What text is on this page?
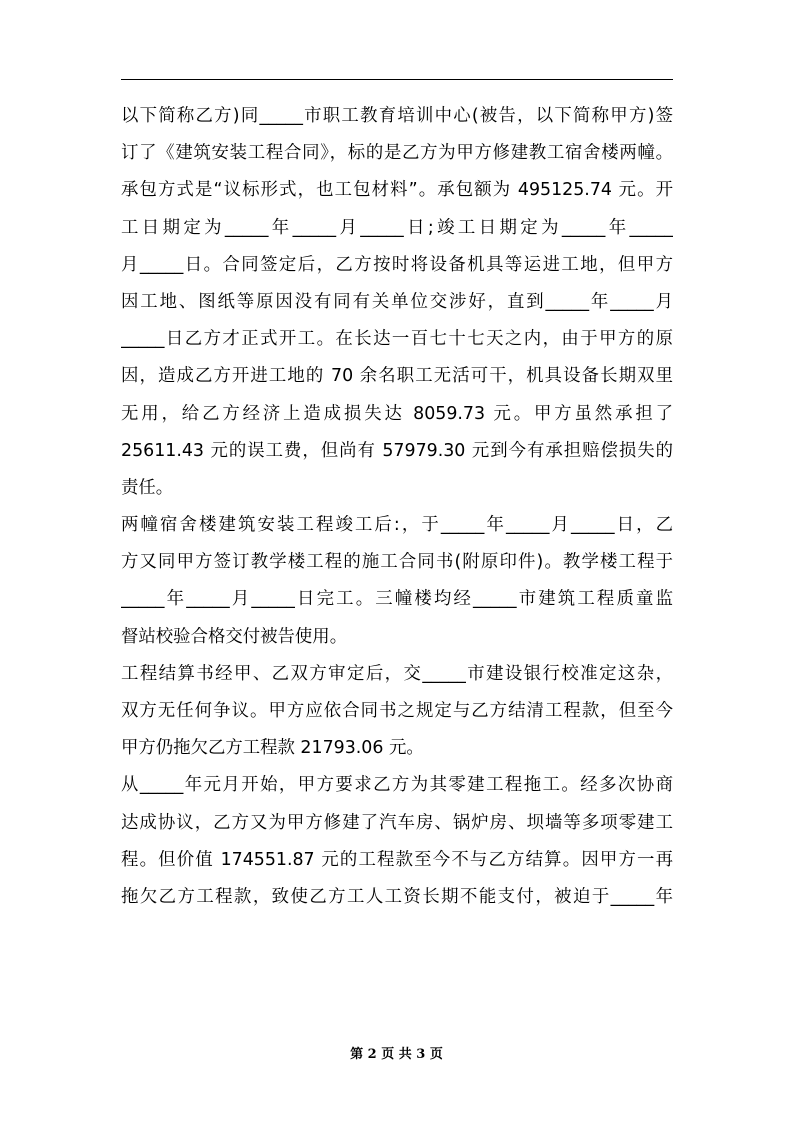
以下简称乙方)同_____市职工教育培训中心(被告，以下简称甲方)签
订了《建筑安装工程合同》，标的是乙方为甲方修建教工宿舍楼两幢。
承包方式是“议标形式，也工包材料”。承包额为 495125.74 元。开
工日期定为_____年_____月_____日;竣工日期定为_____年_____
月_____日。合同签定后，乙方按时将设备机具等运进工地，但甲方
因工地、图纸等原因没有同有关单位交涉好，直到_____年_____月
_____日乙方才正式开工。在长达一百七十七天之内，由于甲方的原
因，造成乙方开进工地的 70 余名职工无活可干，机具设备长期双里
无用，给乙方经济上造成损失达 8059.73 元。甲方虽然承担了
25611.43 元的误工费，但尚有 57979.30 元到今有承担赔偿损失的
责任。
两幢宿舍楼建筑安装工程竣工后:，于_____年_____月_____日，乙
方又同甲方签订教学楼工程的施工合同书(附原印件)。教学楼工程于
_____年_____月_____日完工。三幢楼均经_____市建筑工程质童监
督站校验合格交付被告使用。
工程结算书经甲、乙双方审定后，交_____市建设银行校准定这杂，
双方无任何争议。甲方应依合同书之规定与乙方结清工程款，但至今
甲方仍拖欠乙方工程款 21793.06 元。
从_____年元月开始，甲方要求乙方为其零建工程拖工。经多次协商
达成协议，乙方又为甲方修建了汽车房、锅炉房、坝墙等多项零建工
程。但价值 174551.87 元的工程款至今不与乙方结算。因甲方一再
拖欠乙方工程款，致使乙方工人工资长期不能支付，被迫于_____年
第 2 页 共 3 页
